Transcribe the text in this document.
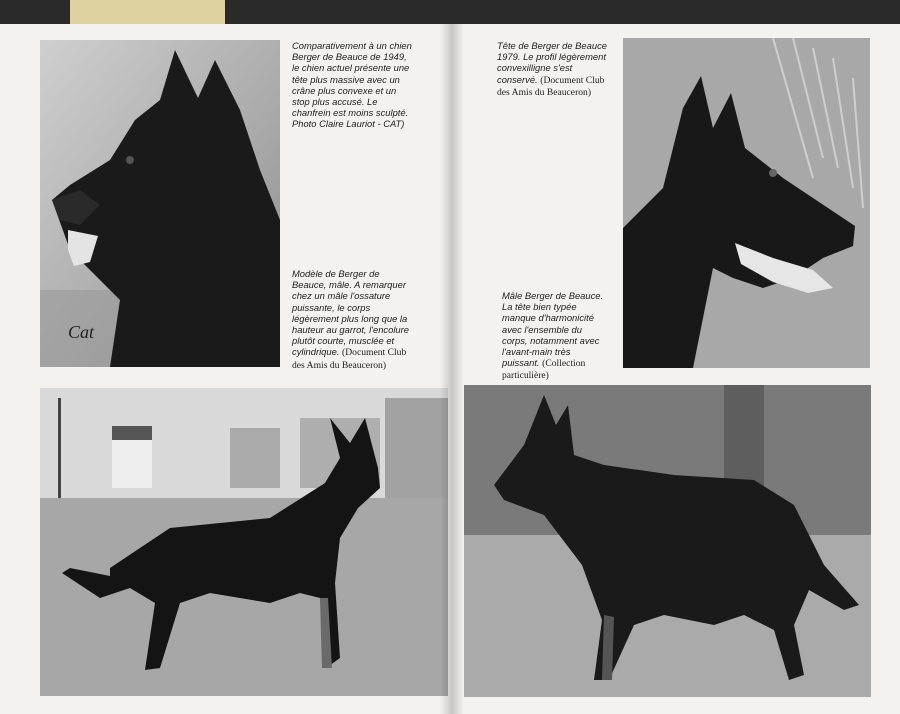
Cat
Comparativement à un chien Berger de Beauce de 1949, le chien actuel présente une tête plus massive avec un crâne plus convexe et un stop plus accusé. Le chanfrein est moins sculpté. Photo Claire Lauriot - CAT)
Modèle de Berger de Beauce, mâle. A remarquer chez un mâle l'ossature puissante, le corps légèrement plus long que la hauteur au garrot, l'encolure plutôt courte, musclée et cylindrique. (Document Club des Amis du Beauceron)
Tête de Berger de Beauce 1979. Le profil légèrement convexilligne s'est conservé. (Document Club des Amis du Beauceron)
Mâle Berger de Beauce. La tête bien typée manque d'harmonicité avec l'ensemble du corps, notamment avec l'avant-main très puissant. (Collection particulière)
